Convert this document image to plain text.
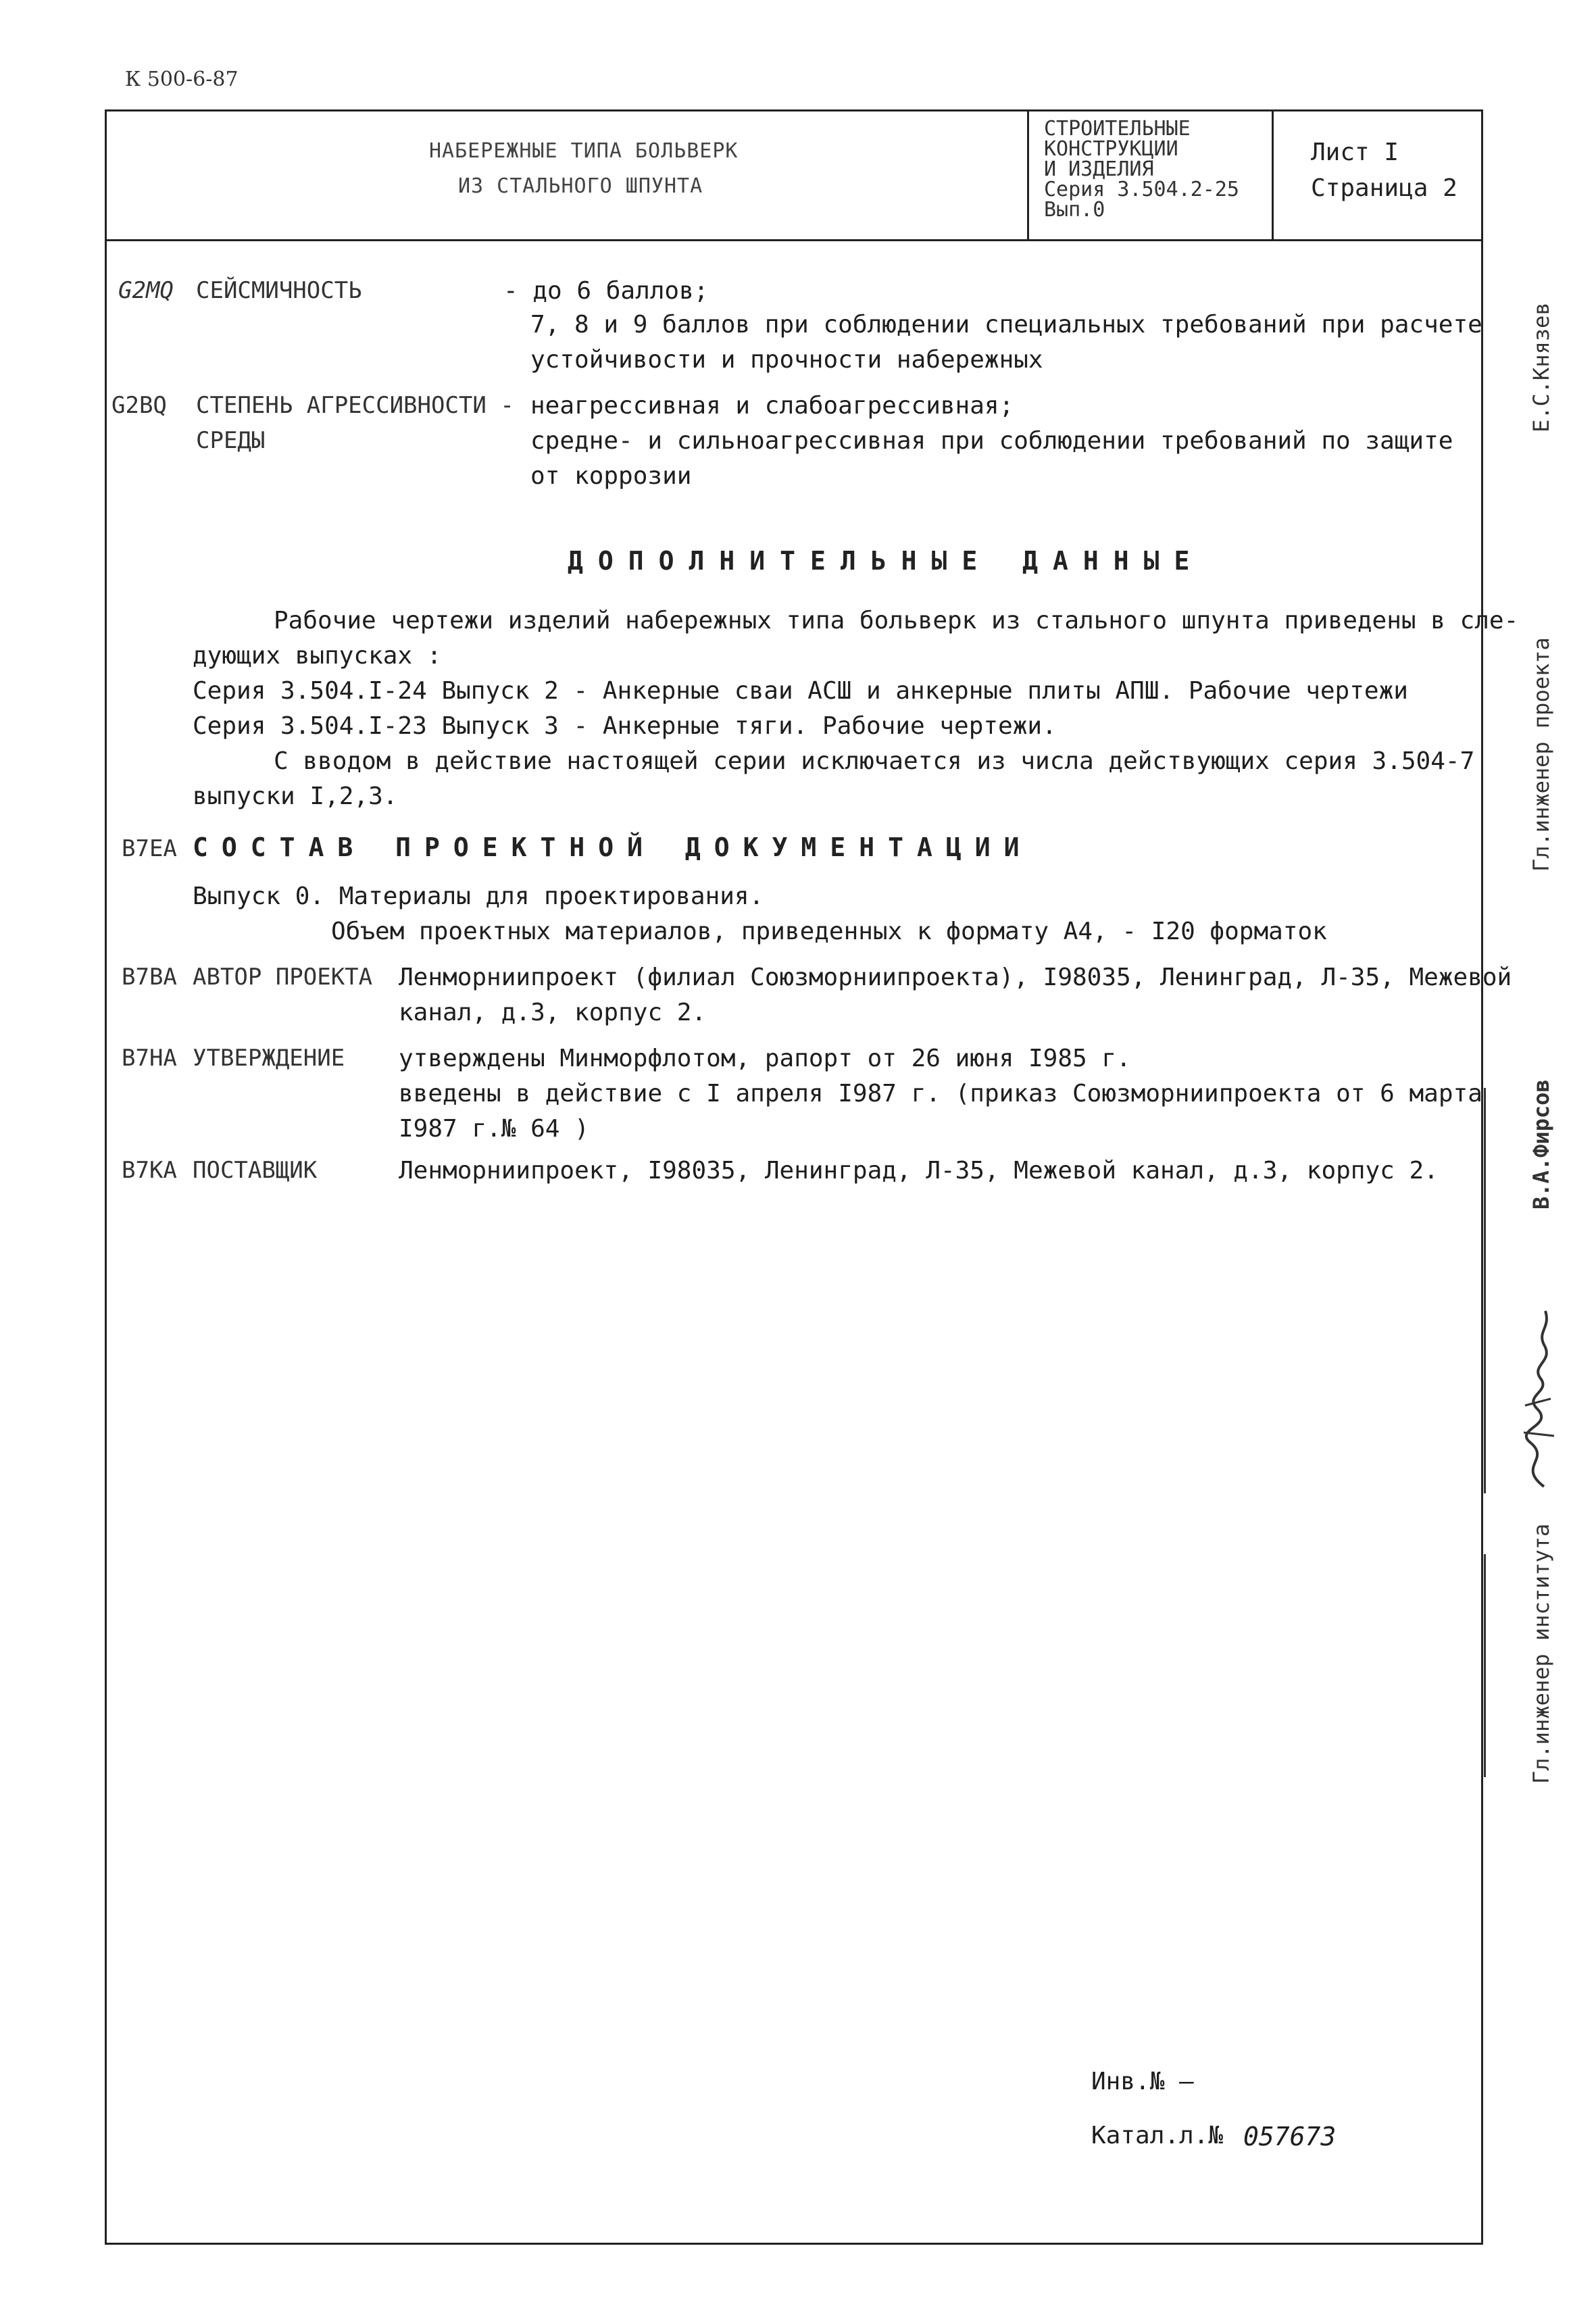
К 500-6-87
НАБЕРЕЖНЫЕ ТИПА БОЛЬВЕРК
ИЗ СТАЛЬНОГО ШПУНТА
СТРОИТЕЛЬНЫЕ
КОНСТРУКЦИИ
И ИЗДЕЛИЯ
Серия 3.504.2-25
Вып.0
Лист I
Страница 2
G2MQ СЕЙСМИЧНОСТЬ	- до 6 баллов;
7, 8 и 9 баллов при соблюдении специальных требований при расчете
устойчивости и прочности набережных
G2BQ СТЕПЕНЬ АГРЕССИВНОСТИ -
СРЕДЫ
неагрессивная и слабоагрессивная;
средне- и сильноагрессивная при соблюдении требований по защите
от коррозии
ДОПОЛНИТЕЛЬНЫЕ ДАННЫЕ
Рабочие чертежи изделий набережных типа больверк из стального шпунта приведены в сле-
дующих выпусках :
Серия 3.504.I-24 Выпуск 2 - Анкерные сваи АСШ и анкерные плиты АПШ. Рабочие чертежи
Серия 3.504.I-23 Выпуск 3 - Анкерные тяги. Рабочие чертежи.
С вводом в действие настоящей серии исключается из числа действующих серия 3.504-7
выпуски I,2,3.
B7EA СОСТАВ ПРОЕКТНОЙ ДОКУМЕНТАЦИИ
Выпуск 0. Материалы для проектирования.
Объем проектных материалов, приведенных к формату А4, - I20 форматок
B7BA АВТОР ПРОЕКТА Ленморниипроект (филиал Союзморниипроекта), I98035, Ленинград, Л-35, Межевой
канал, д.3, корпус 2.
B7HA УТВЕРЖДЕНИЕ утверждены Минморфлотом, рапорт от 26 июня I985 г.
введены в действие с I апреля I987 г. (приказ Союзморниипроекта от 6 марта
I987 г.№ 64 )
B7KA ПОСТАВЩИК	Ленморниипроект, I98035, Ленинград, Л-35, Межевой канал, д.3, корпус 2.
Инв.№ —
Катал.л.№ 057673
Е.С.Князев
Гл.инженер проекта
В.А.Фирсов
Гл.инженер института
